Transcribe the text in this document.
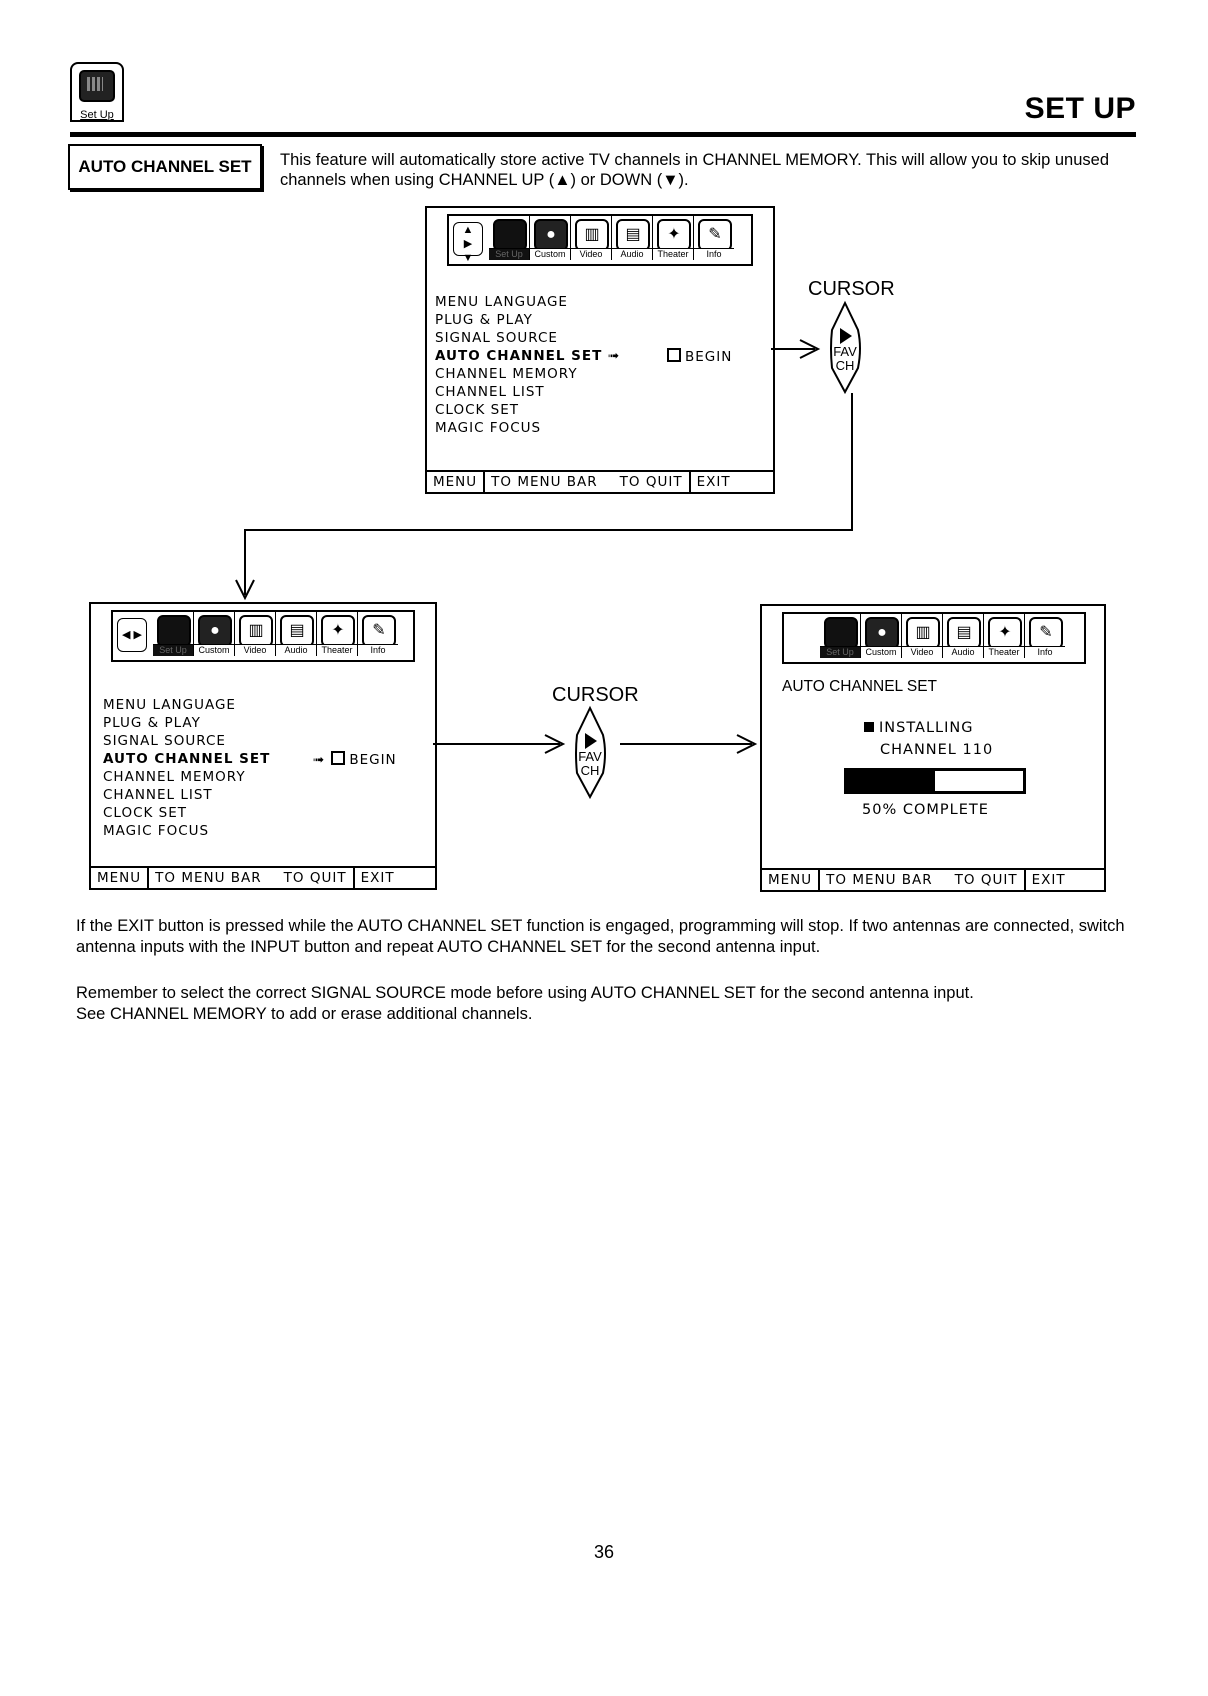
Set Up	SET UP
AUTO CHANNEL SET	This feature will automatically store active TV channels in CHANNEL MEMORY. This will allow you to skip unused channels when using CHANNEL UP (▲) or DOWN (▼).
▲
▶
▼	Set Up
●
Custom
▥
Video
▤
Audio
✦
Theater
✎
Info
MENU LANGUAGE
PLUG & PLAY
SIGNAL SOURCE
AUTO CHANNEL SET ➟
CHANNEL MEMORY
CHANNEL LIST
CLOCK SET
MAGIC FOCUS
BEGIN
MENU	TO MENU BAR	TO QUIT	EXIT
CURSOR
◀ ▶
Set Up
●
Custom
▥
Video
▤
Audio
✦
Theater
✎
Info
MENU LANGUAGE
PLUG & PLAY
SIGNAL SOURCE
AUTO CHANNEL SET
CHANNEL MEMORY
CHANNEL LIST
CLOCK SET
MAGIC FOCUS
➟ BEGIN
MENU	TO MENU BAR	TO QUIT	EXIT
CURSOR
Set Up
●
Custom
▥
Video
▤
Audio
✦
Theater
✎
Info
AUTO CHANNEL SET
INSTALLING
CHANNEL 110
50% COMPLETE
MENU	TO MENU BAR	TO QUIT	EXIT
FAV
CH
FAV
CH
If the EXIT button is pressed while the AUTO CHANNEL SET function is engaged, programming will stop. If two antennas are connected, switch antenna inputs with the INPUT button and repeat AUTO CHANNEL SET for the second antenna input.
Remember to select the correct SIGNAL SOURCE mode before using AUTO CHANNEL SET for the second antenna input.
See CHANNEL MEMORY to add or erase additional channels.
36
